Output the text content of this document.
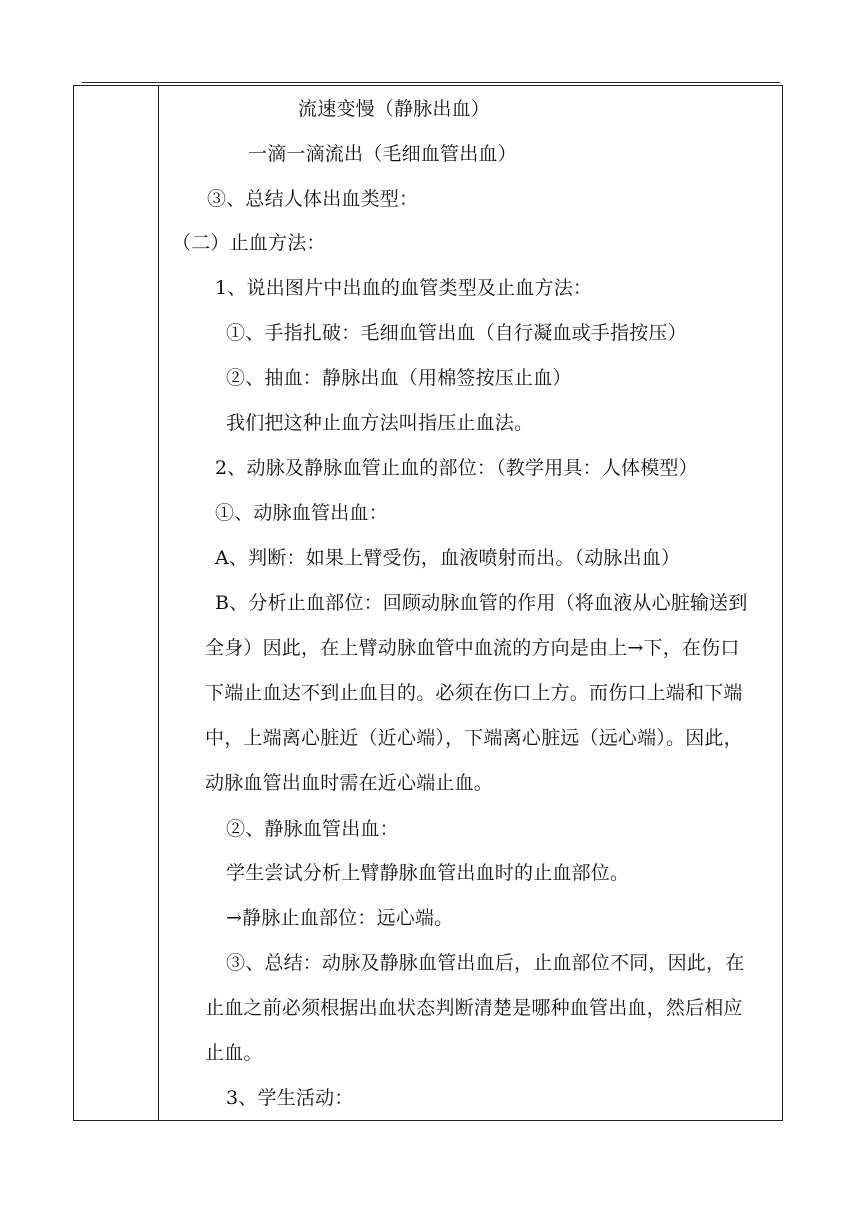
流速变慢（静脉出血）
一滴一滴流出（毛细血管出血）
③、总结人体出血类型：
（二）止血方法：
1、说出图片中出血的血管类型及止血方法：
①、手指扎破：毛细血管出血（自行凝血或手指按压）
②、抽血：静脉出血（用棉签按压止血）
我们把这种止血方法叫指压止血法。
2、动脉及静脉血管止血的部位：（教学用具：人体模型）
①、动脉血管出血：
A、判断：如果上臂受伤，血液喷射而出。（动脉出血）
B、分析止血部位：回顾动脉血管的作用（将血液从心脏输送到
全身）因此，在上臂动脉血管中血流的方向是由上→下，在伤口
下端止血达不到止血目的。必须在伤口上方。而伤口上端和下端
中，上端离心脏近（近心端），下端离心脏远（远心端）。因此，
动脉血管出血时需在近心端止血。
②、静脉血管出血：
学生尝试分析上臂静脉血管出血时的止血部位。
→静脉止血部位：远心端。
③、总结：动脉及静脉血管出血后，止血部位不同，因此，在
止血之前必须根据出血状态判断清楚是哪种血管出血，然后相应
止血。
3、学生活动：
